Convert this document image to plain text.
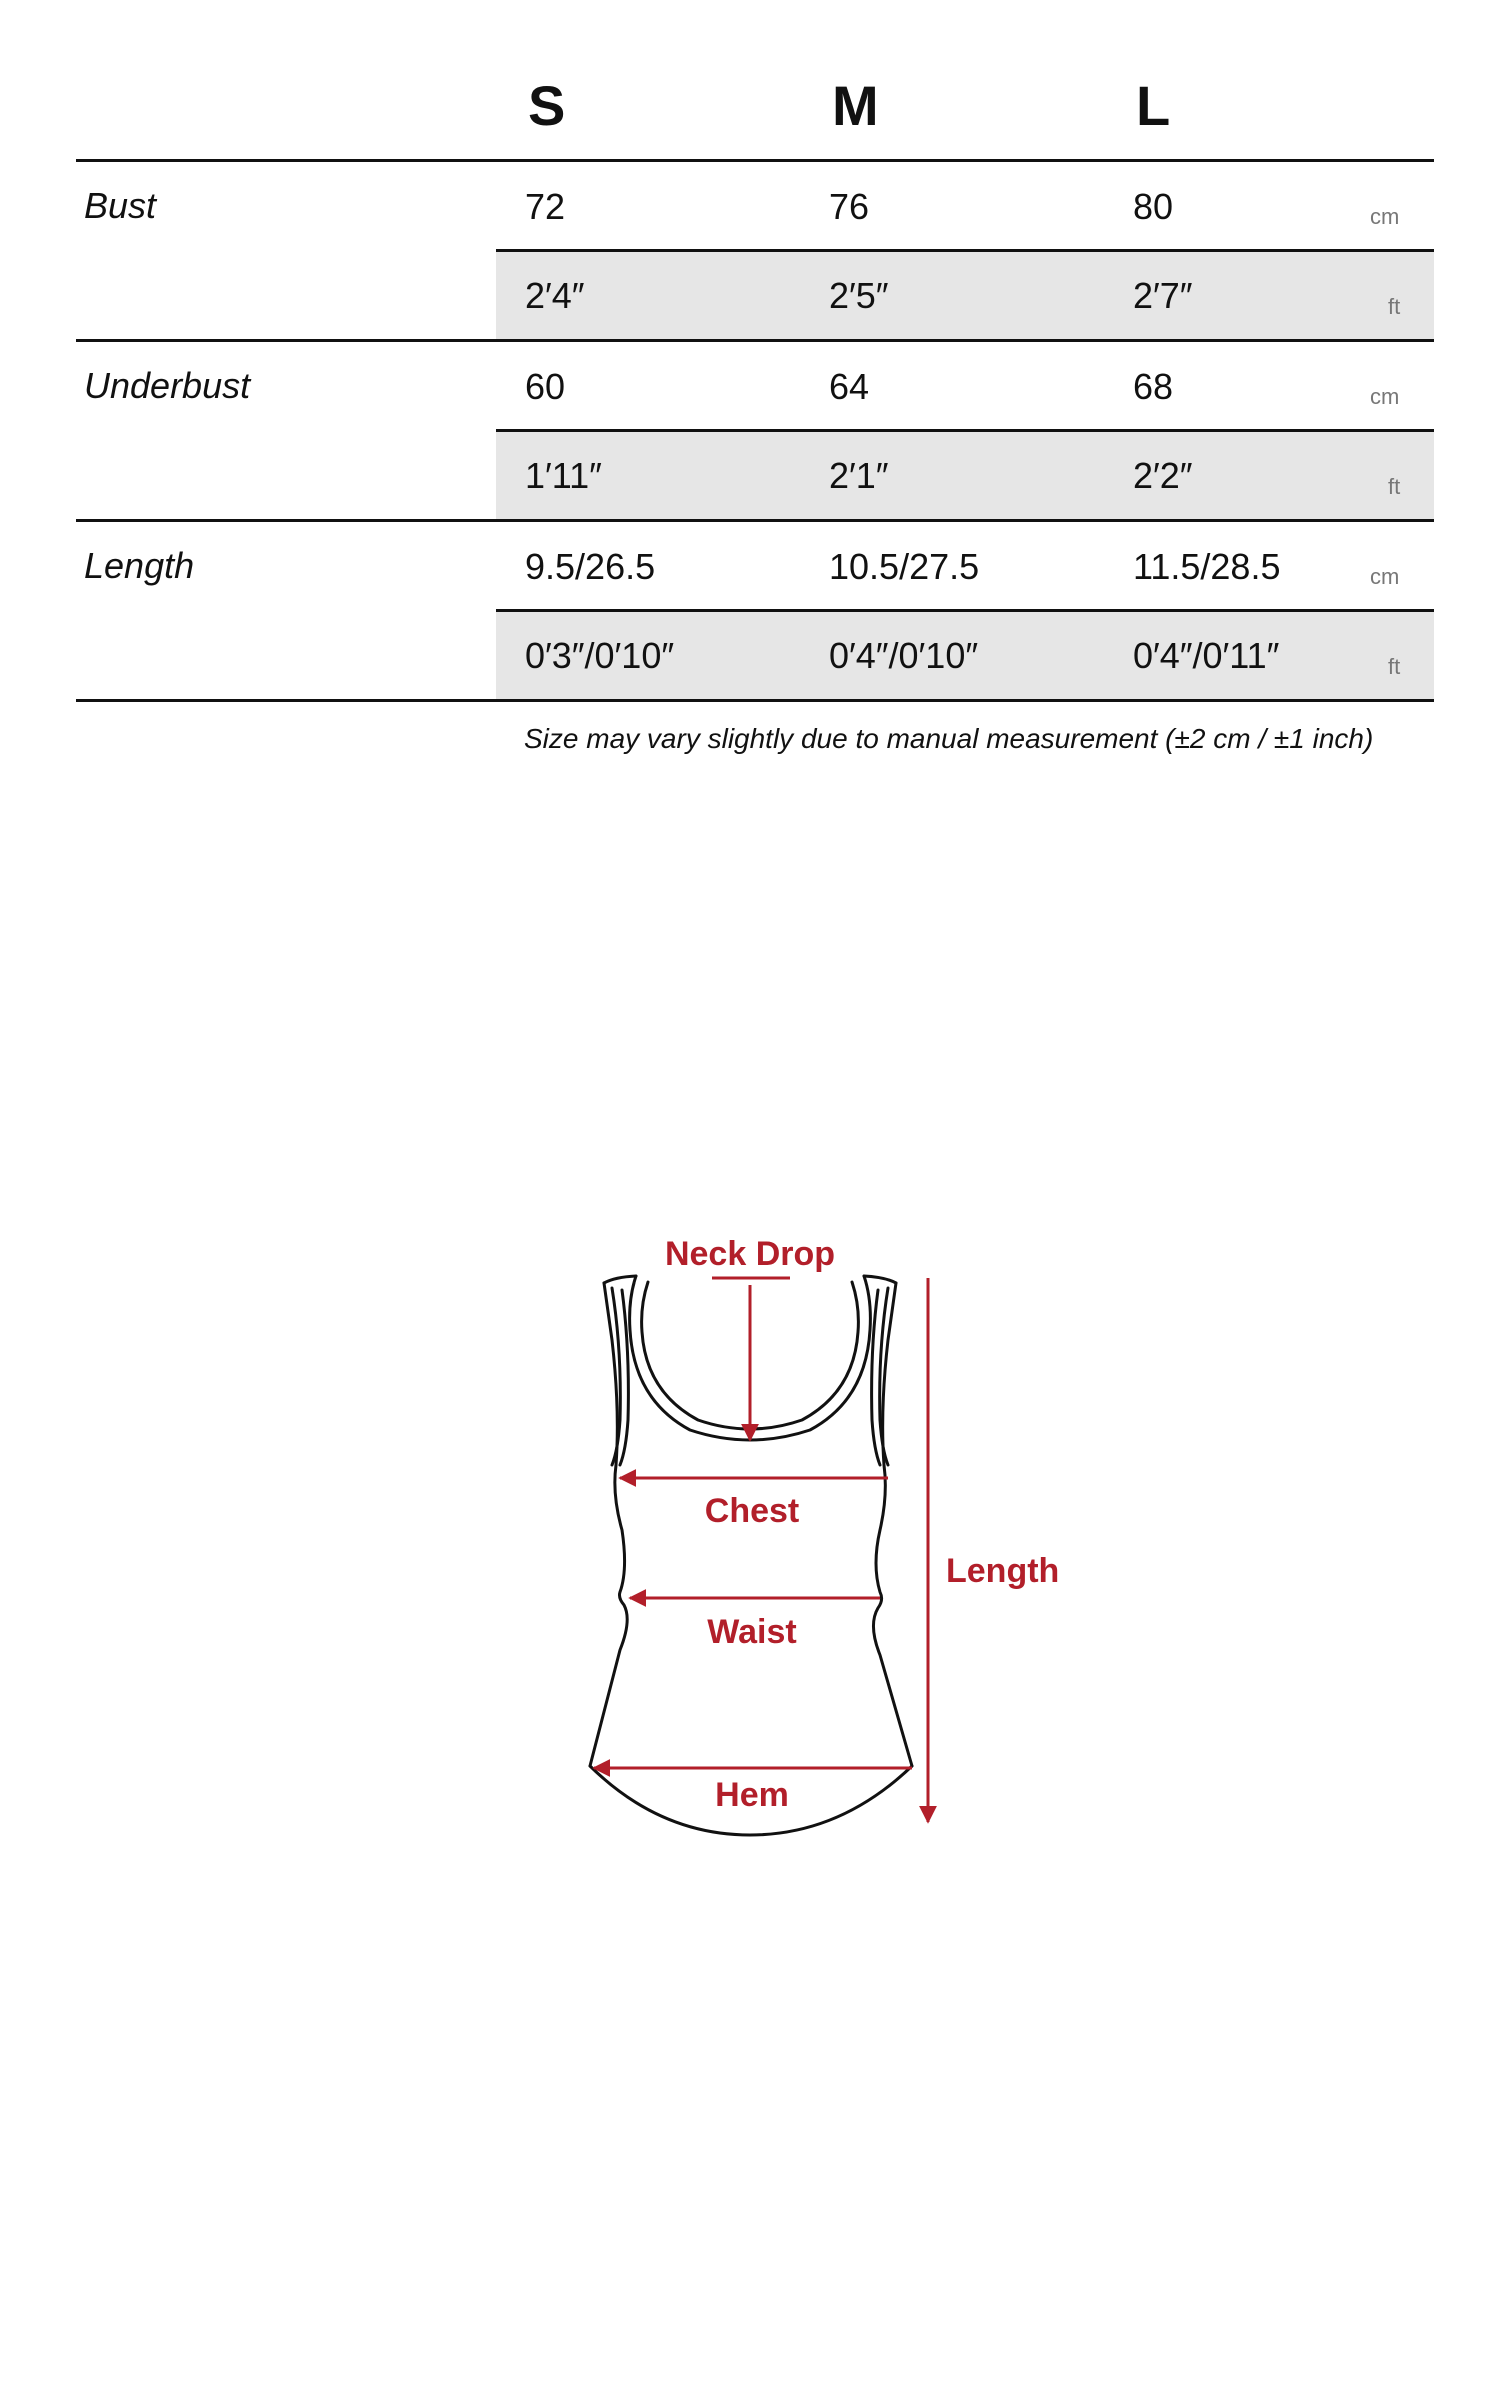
S	M	L
Bust	72	76	80	cm
2′4″	2′5″	2′7″	ft
Underbust	60	64	68	cm
1′11″	2′1″	2′2″	ft
Length	9.5/26.5	10.5/27.5	11.5/28.5	cm
0′3″/0′10″	0′4″/0′10″	0′4″/0′11″	ft
Size may vary slightly due to manual measurement (±2 cm / ±1 inch)
Neck Drop
Chest
Waist
Hem
Length
